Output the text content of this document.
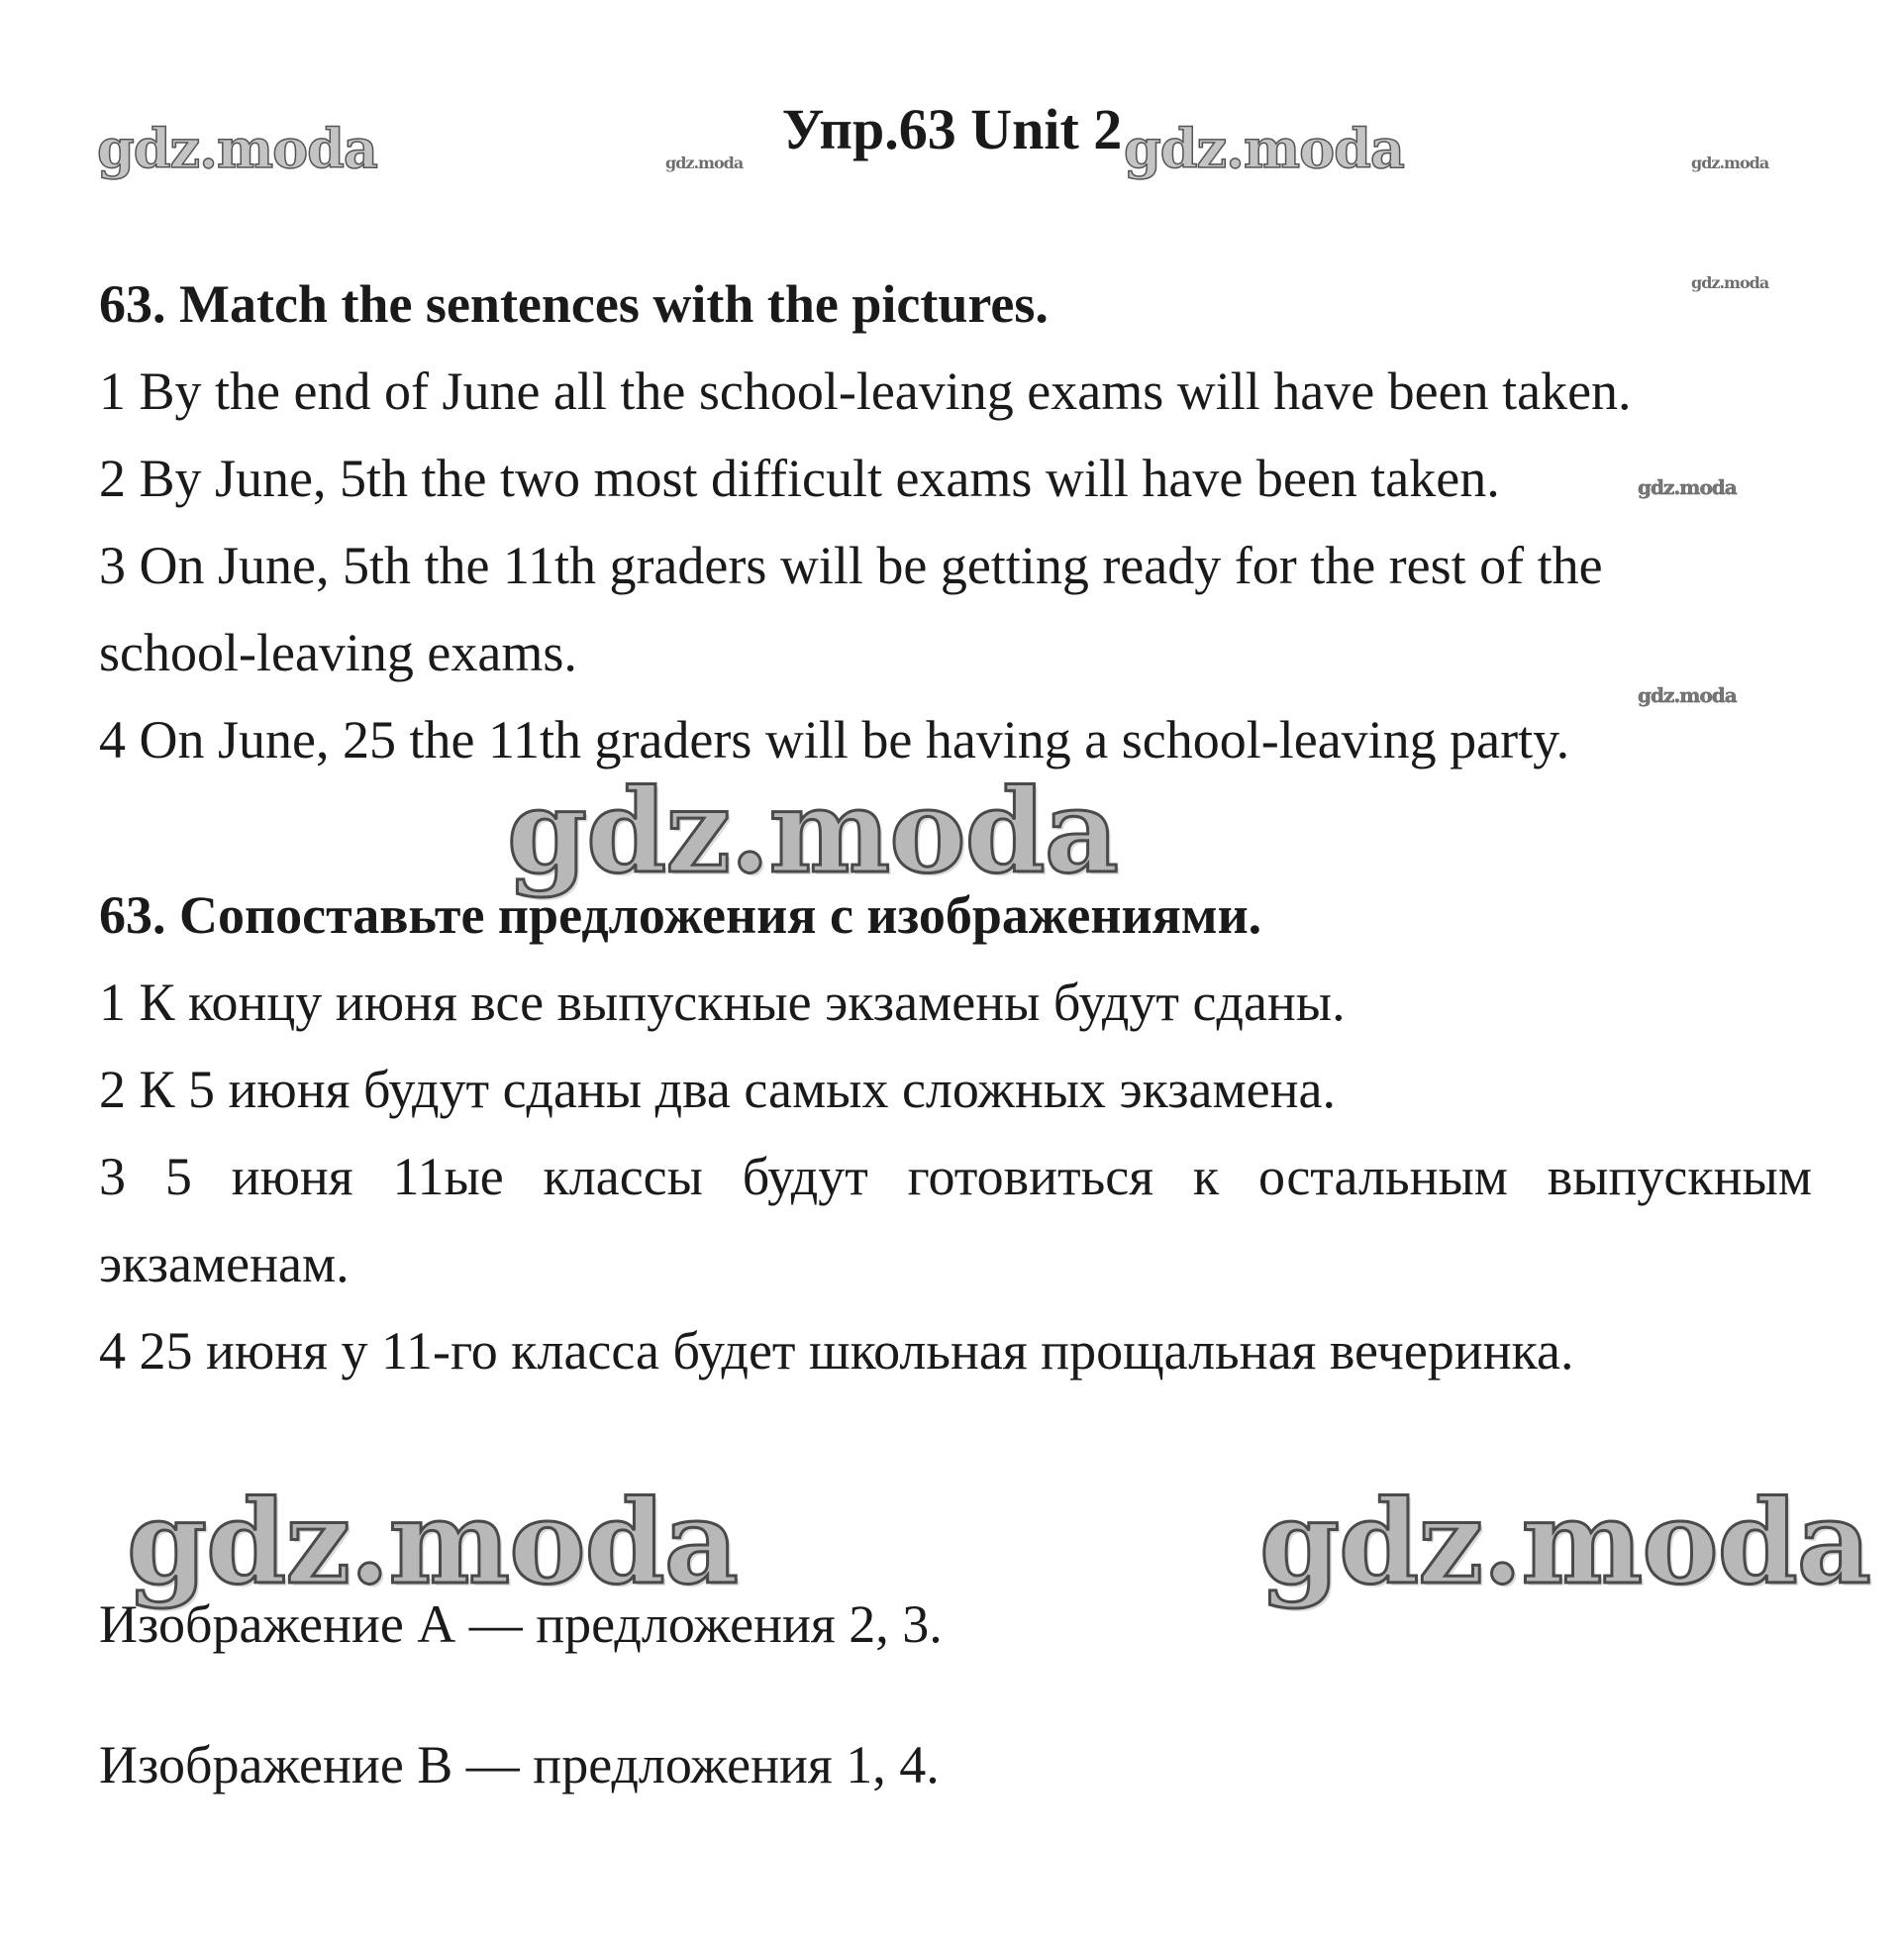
gdz.moda	gdz.moda	gdz.moda	gdz.moda
gdz.moda
gdz.moda
gdz.moda
gdz.moda
gdz.moda	gdz.moda
Упр.63 Unit 2
63. Match the sentences with the pictures.
1 By the end of June all the school-leaving exams will have been taken.
2 By June, 5th the two most difficult exams will have been taken.
3 On June, 5th the 11th graders will be getting ready for the rest of the
school-leaving exams.
4 On June, 25 the 11th graders will be having a school-leaving party.
63. Сопоставьте предложения с изображениями.
1 К концу июня все выпускные экзамены будут сданы.
2 К 5 июня будут сданы два самых сложных экзамена.
3 5 июня 11ые классы будут готовиться к остальным выпускным
экзаменам.
4 25 июня у 11-го класса будет школьная прощальная вечеринка.
Изображение А — предложения 2, 3.
Изображение В — предложения 1, 4.
